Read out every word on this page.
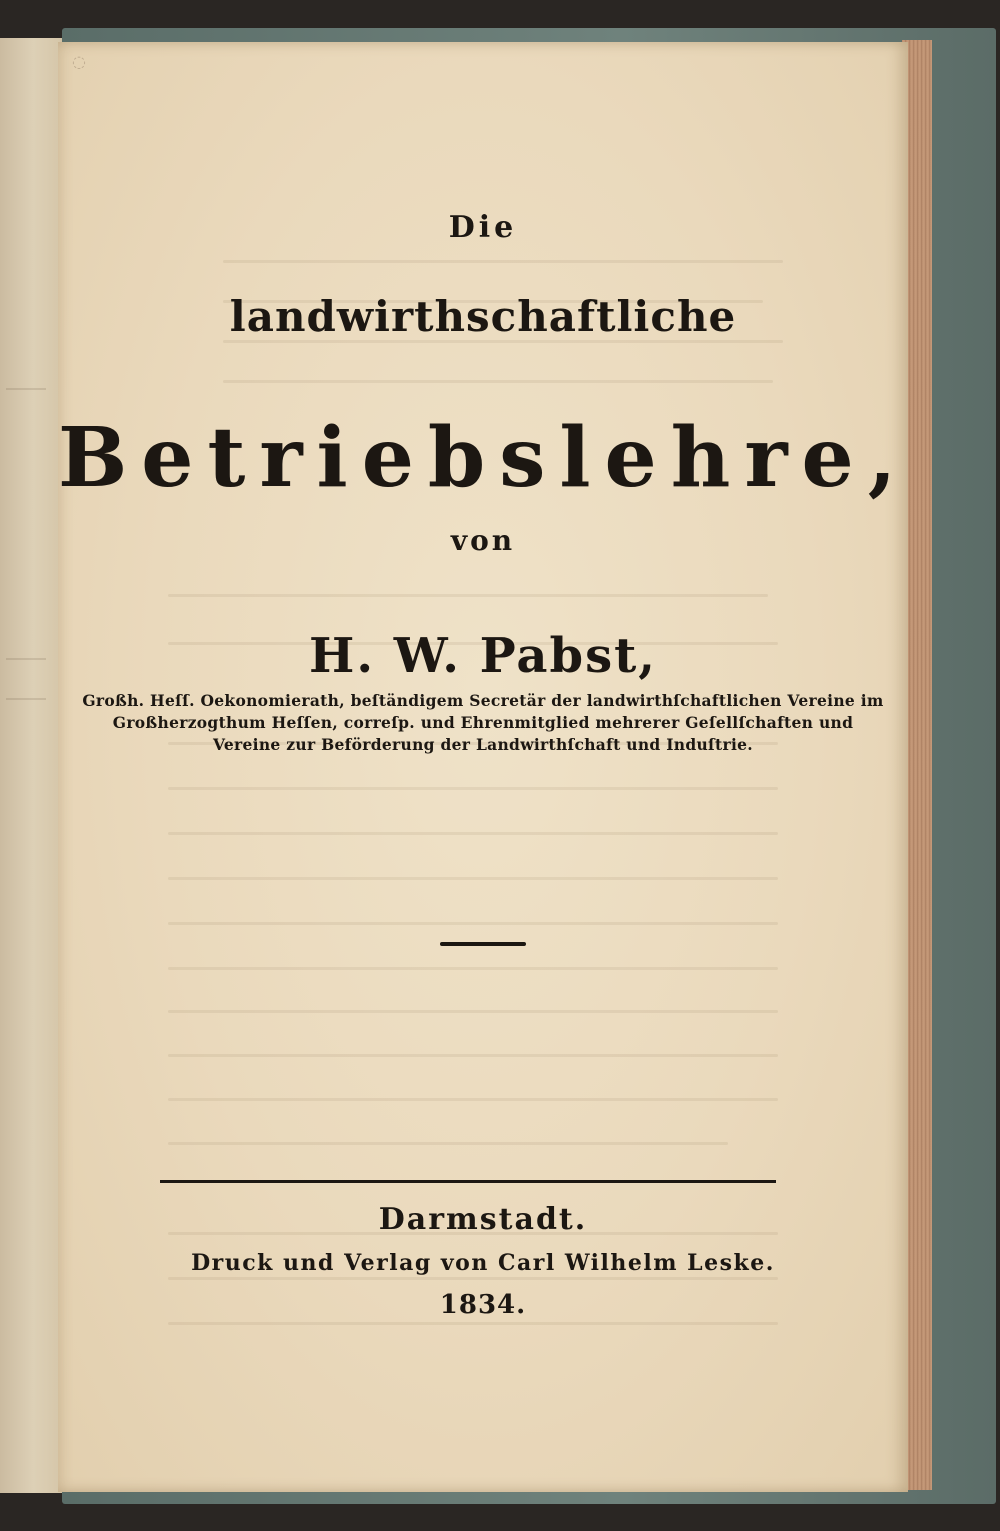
◌

Die

landwirthschaftliche

Betriebslehre,

von

H. W. Pabst,

Großh. Heſſ. Oekonomierath, beſtändigem Secretär der landwirthſchaftlichen Vereine im
Großherzogthum Heſſen, correſp. und Ehrenmitglied mehrerer Geſellſchaften und
Vereine zur Beförderung der Landwirthſchaft und Induſtrie.

Darmstadt.

Druck und Verlag von Carl Wilhelm Leske.

1834.
